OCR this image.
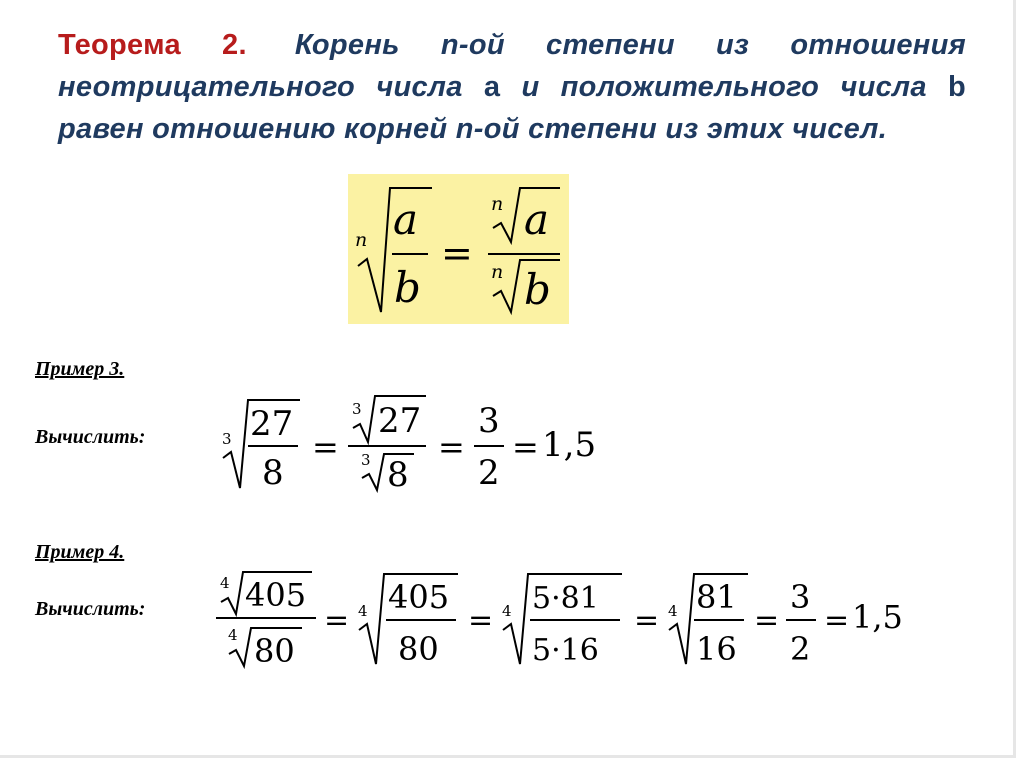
Теорема 2. Корень n-ой степени из отношения неотрицательного числа a и положительного числа b равен отношению корней n-ой степени из этих чисел.
n a
b
=
n a
n b
Пример 3.
Вычислить:	3 27
8
=
3 27
3 8
=
3
2
= 1,5
Пример 4.
Вычислить:
4 405
4 80
= 4 405
80
= 4 5·81
5·16
= 4 81
16
=
3
2
= 1,5
